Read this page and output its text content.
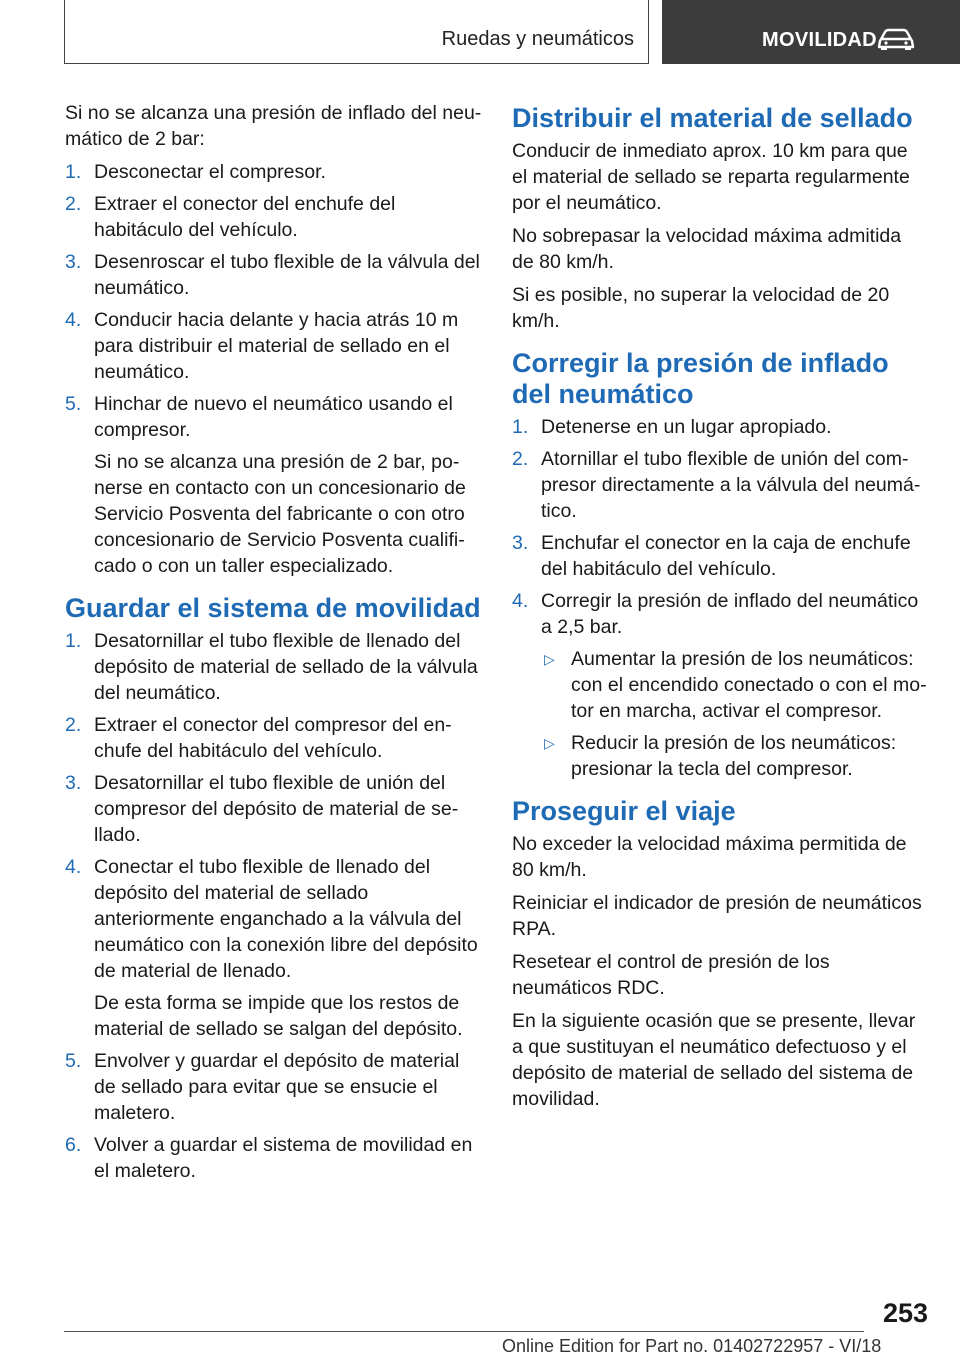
Ruedas y neumáticos	MOVILIDAD

Si no se alcanza una presión de inflado del neumático de 2 bar:

1. Desconectar el compresor.
2. Extraer el conector del enchufe del habitáculo del vehículo.
3. Desenroscar el tubo flexible de la válvula del neumático.
4. Conducir hacia delante y hacia atrás 10 m para distribuir el material de sellado en el neumático.
5. Hinchar de nuevo el neumático usando el compresor.
Si no se alcanza una presión de 2 bar, ponerse en contacto con un concesionario de Servicio Posventa del fabricante o con otro concesionario de Servicio Posventa cualificado o con un taller especializado.
Guardar el sistema de movilidad
1. Desatornillar el tubo flexible de llenado del depósito de material de sellado de la válvula del neumático.
2. Extraer el conector del compresor del enchufe del habitáculo del vehículo.
3. Desatornillar el tubo flexible de unión del compresor del depósito de material de sellado.
4. Conectar el tubo flexible de llenado del depósito del material de sellado anteriormente enganchado a la válvula del neumático con la conexión libre del depósito de material de llenado.
De esta forma se impide que los restos de material de sellado se salgan del depósito.
5. Envolver y guardar el depósito de material de sellado para evitar que se ensucie el maletero.
6. Volver a guardar el sistema de movilidad en el maletero.
Distribuir el material de sellado

Conducir de inmediato aprox. 10 km para que el material de sellado se reparta regularmente por el neumático.

No sobrepasar la velocidad máxima admitida de 80 km/h.

Si es posible, no superar la velocidad de 20 km/h.

Corregir la presión de inflado del neumático
1. Detenerse en un lugar apropiado.
2. Atornillar el tubo flexible de unión del compresor directamente a la válvula del neumático.
3. Enchufar el conector en la caja de enchufe del habitáculo del vehículo.
4. Corregir la presión de inflado del neumático a 2,5 bar.
▷ Aumentar la presión de los neumáticos: con el encendido conectado o con el motor en marcha, activar el compresor.
▷ Reducir la presión de los neumáticos: presionar la tecla del compresor.
Proseguir el viaje

No exceder la velocidad máxima permitida de 80 km/h.

Reiniciar el indicador de presión de neumáticos RPA.

Resetear el control de presión de los neumáticos RDC.

En la siguiente ocasión que se presente, llevar a que sustituyan el neumático defectuoso y el depósito de material de sellado del sistema de movilidad.

253
Online Edition for Part no. 01402722957 - VI/18
